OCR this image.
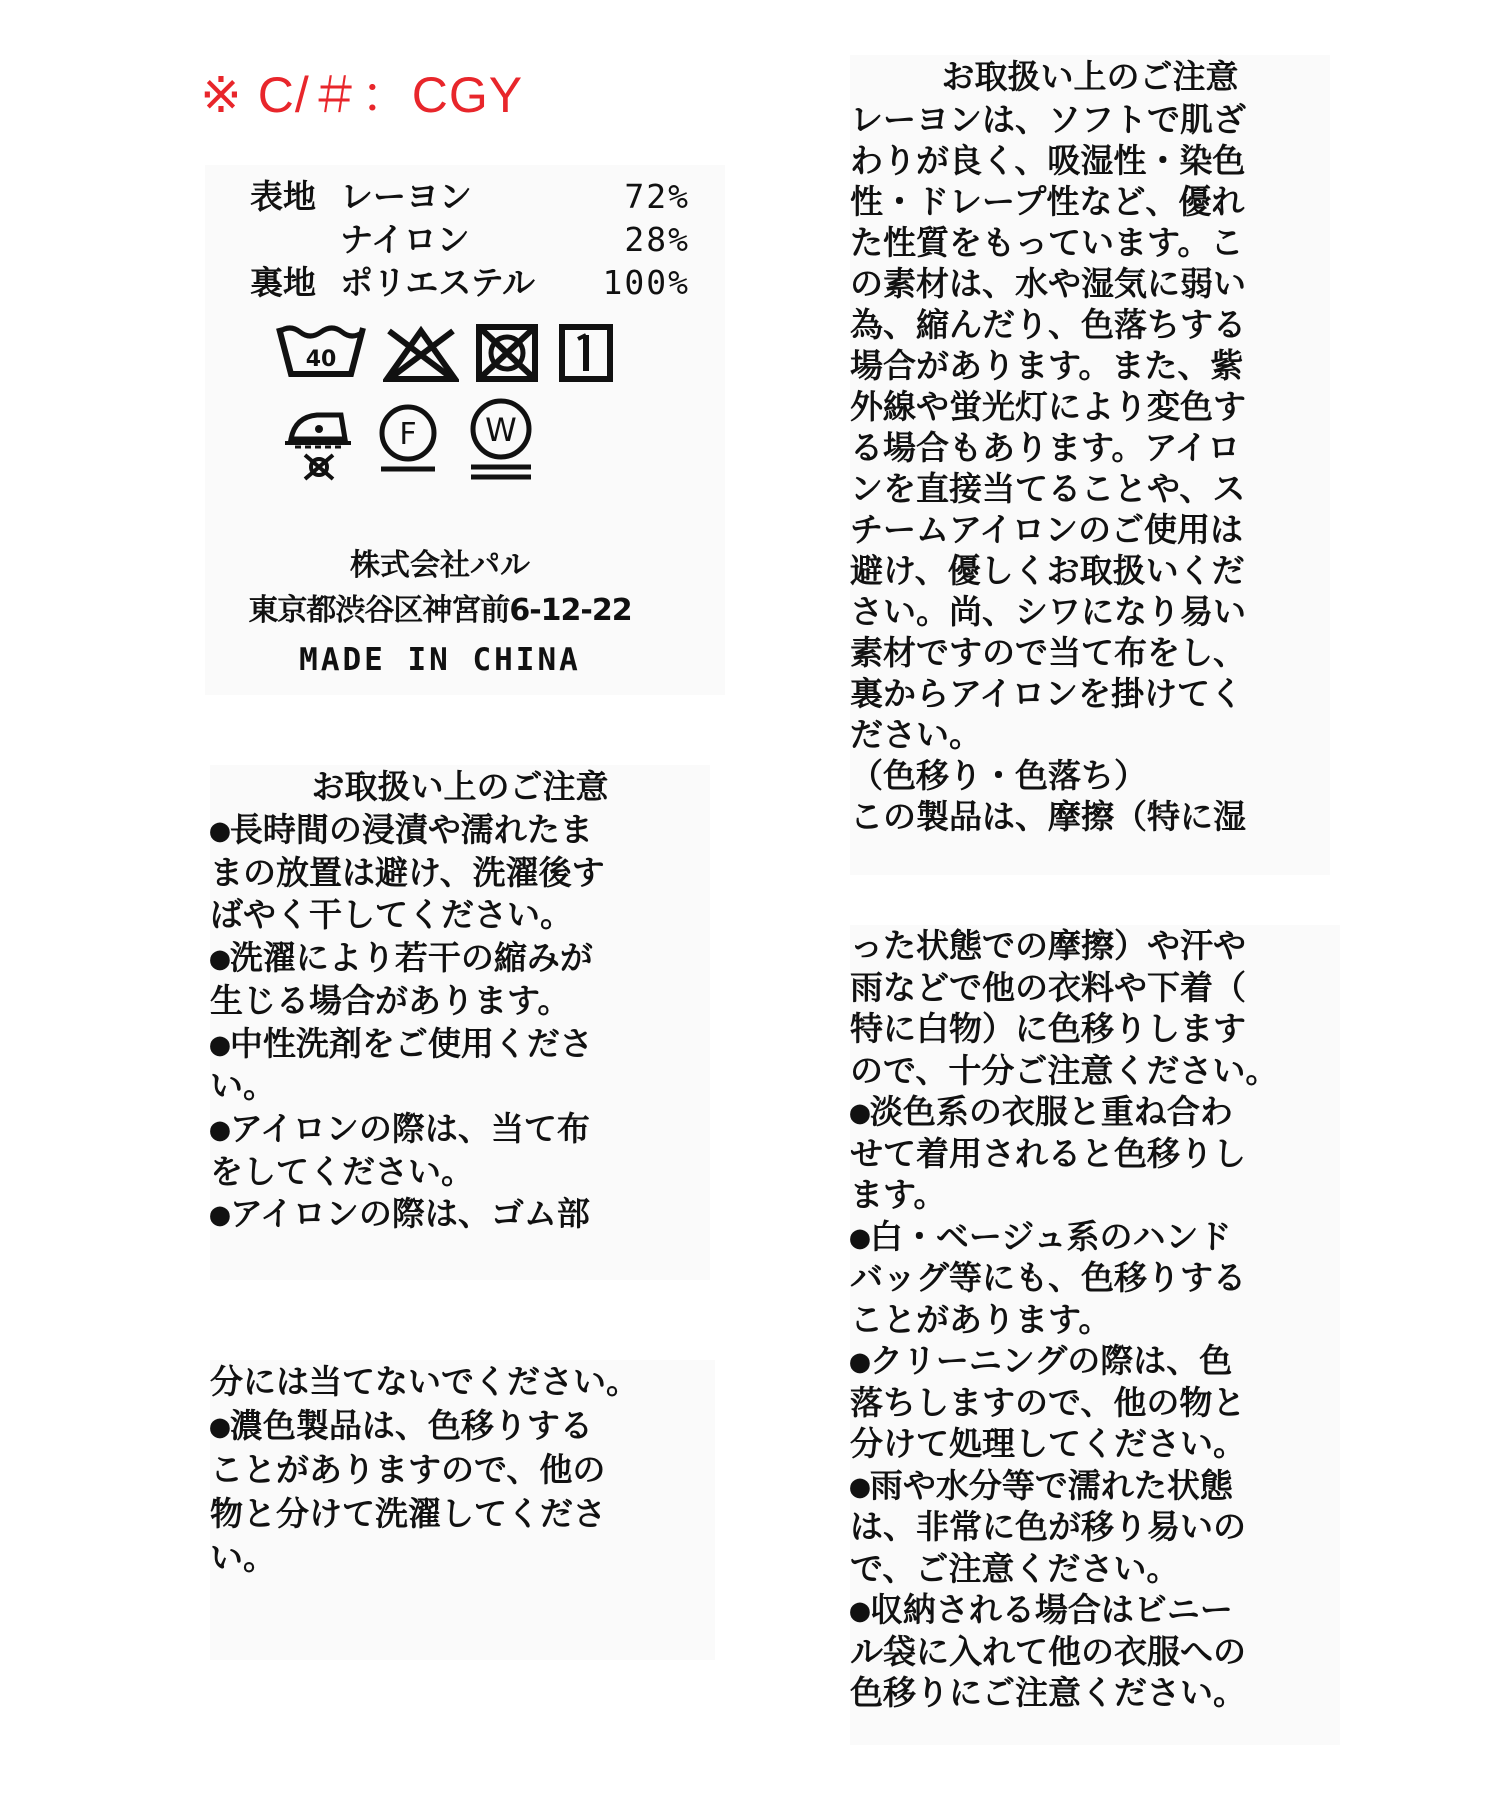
※ C/＃：CGY
表地 レーヨン	72%
ナイロン	28%
裏地 ポリエステル 100%
40
F W
株式会社パル
東京都渋谷区神宮前6-12-22
MADE IN CHINA
お取扱い上のご注意
●長時間の浸漬や濡れたま
まの放置は避け、洗濯後す
ばやく干してください。
●洗濯により若干の縮みが
生じる場合があります。
●中性洗剤をご使用くださ
い。
●アイロンの際は、当て布
をしてください。
●アイロンの際は、ゴム部
分には当てないでください。
●濃色製品は、色移りする
ことがありますので、他の
物と分けて洗濯してくださ
い。
お取扱い上のご注意
レーヨンは、ソフトで肌ざ
わりが良く、吸湿性・染色
性・ドレープ性など、優れ
た性質をもっています。こ
の素材は、水や湿気に弱い
為、縮んだり、色落ちする
場合があります。また、紫
外線や蛍光灯により変色す
る場合もあります。アイロ
ンを直接当てることや、ス
チームアイロンのご使用は
避け、優しくお取扱いくだ
さい。尚、シワになり易い
素材ですので当て布をし、
裏からアイロンを掛けてく
ださい。
（色移り・色落ち）
この製品は、摩擦（特に湿
った状態での摩擦）や汗や
雨などで他の衣料や下着（
特に白物）に色移りします
ので、十分ご注意ください。
●淡色系の衣服と重ね合わ
せて着用されると色移りし
ます。
●白・ベージュ系のハンド
バッグ等にも、色移りする
ことがあります。
●クリーニングの際は、色
落ちしますので、他の物と
分けて処理してください。
●雨や水分等で濡れた状態
は、非常に色が移り易いの
で、ご注意ください。
●収納される場合はビニー
ル袋に入れて他の衣服への
色移りにご注意ください。
